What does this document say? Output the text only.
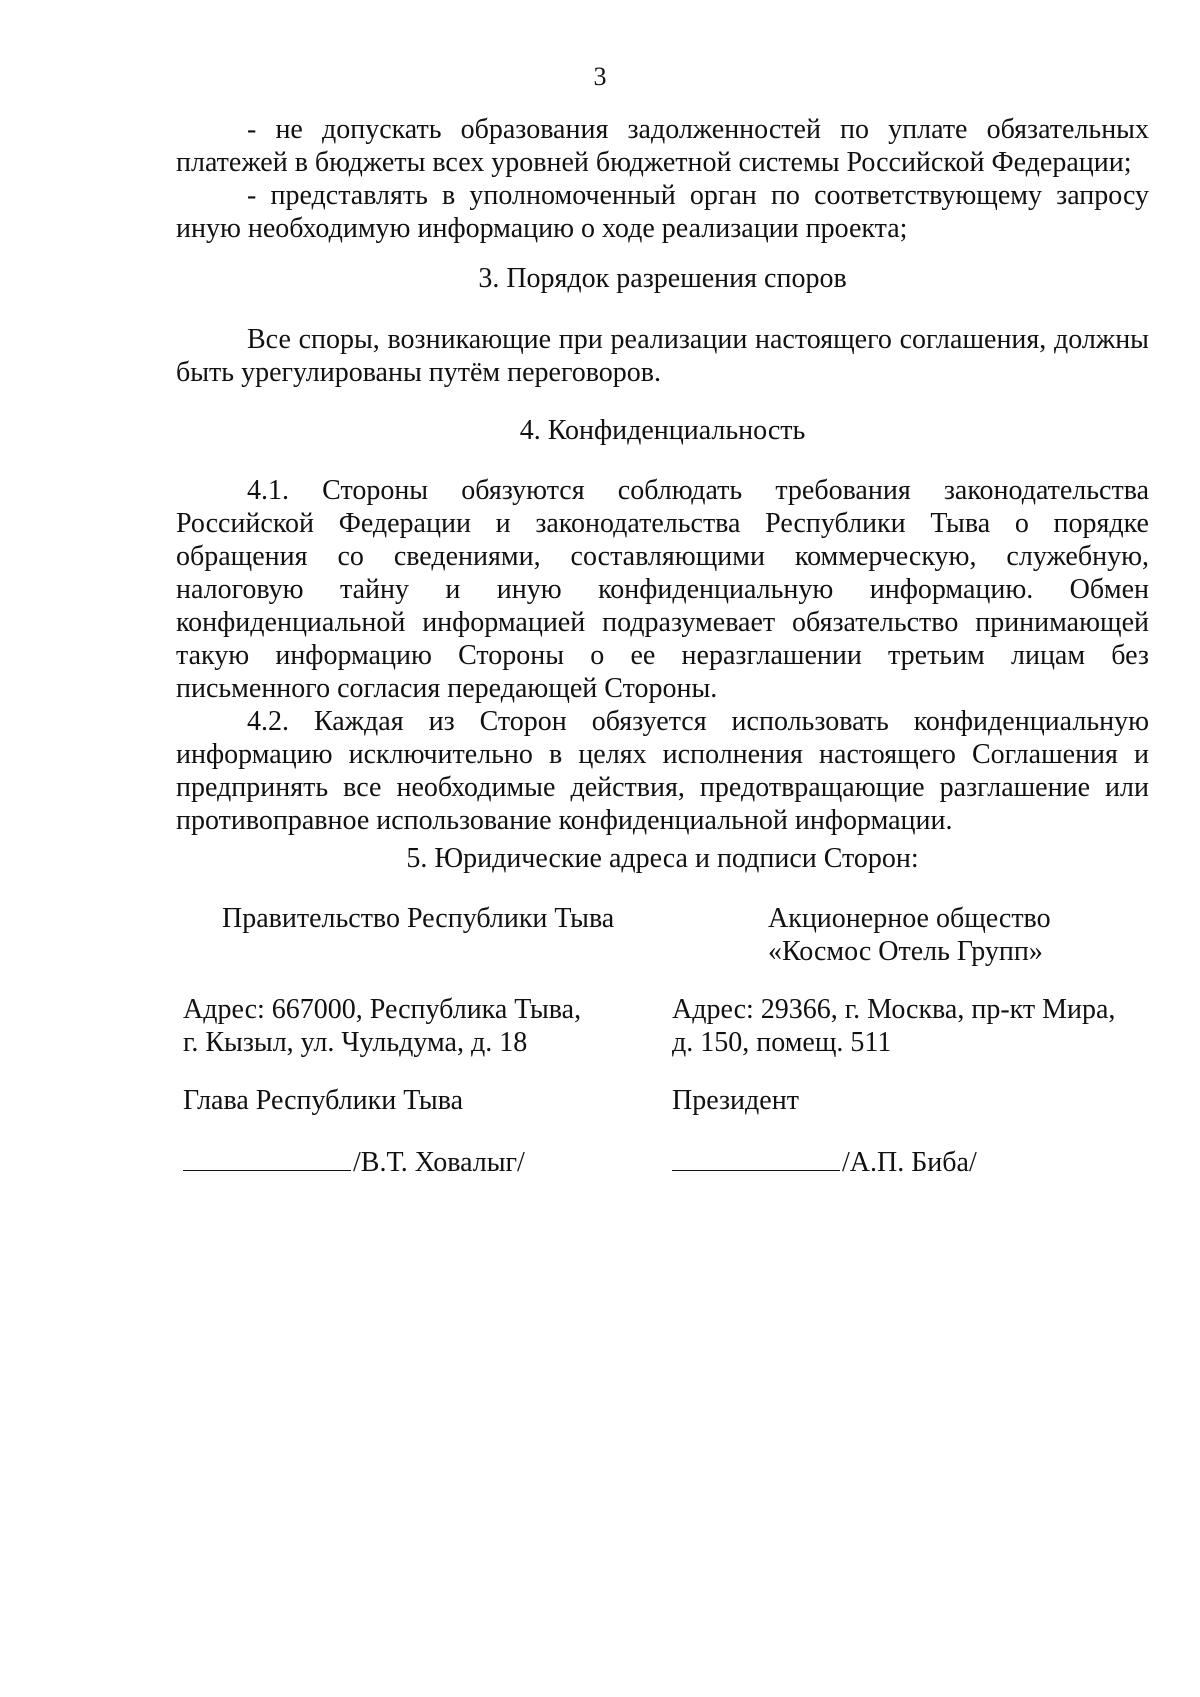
3

- не допускать образования задолженностей по уплате обязательных платежей в бюджеты всех уровней бюджетной системы Российской Федерации;

- представлять в уполномоченный орган по соответствующему запросу иную необходимую информацию о ходе реализации проекта;

3. Порядок разрешения споров

Все споры, возникающие при реализации настоящего соглашения, должны быть урегулированы путём переговоров.

4. Конфиденциальность

4.1. Стороны обязуются соблюдать требования законодательства Российской Федерации и законодательства Республики Тыва о порядке обращения со сведениями, составляющими коммерческую, служебную, налоговую тайну и иную конфиденциальную информацию. Обмен конфиденциальной информацией подразумевает обязательство принимающей такую информацию Стороны о ее неразглашении третьим лицам без письменного согласия передающей Стороны.

4.2. Каждая из Сторон обязуется использовать конфиденциальную информацию исключительно в целях исполнения настоящего Соглашения и предпринять все необходимые действия, предотвращающие разглашение или противоправное использование конфиденциальной информации.

5. Юридические адреса и подписи Сторон:
Правительство Республики Тыва
Адрес: 667000, Республика Тыва,
г. Кызыл, ул. Чульдума, д. 18
Глава Республики Тыва
/В.Т. Ховалыг/
Акционерное общество
«Космос Отель Групп»
Адрес: 29366, г. Москва, пр-кт Мира,
д. 150, помещ. 511
Президент
/А.П. Биба/
